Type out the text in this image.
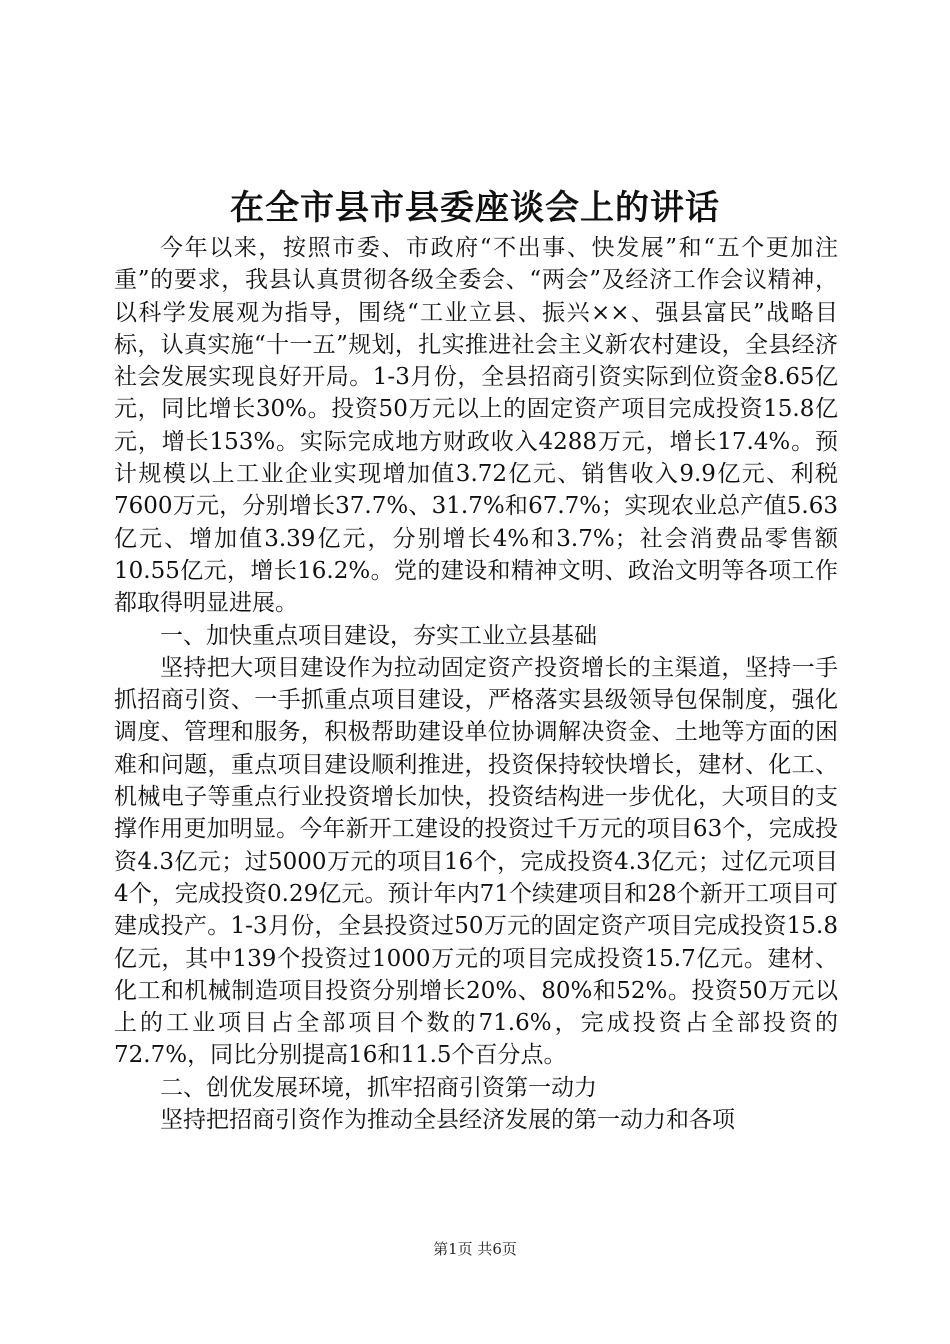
在全市县市县委座谈会上的讲话

今年以来，按照市委、市政府“不出事、快发展”和“五个更加注重”的要求，我县认真贯彻各级全委会、“两会”及经济工作会议精神，以科学发展观为指导，围绕“工业立县、振兴××、强县富民”战略目标，认真实施“十一五”规划，扎实推进社会主义新农村建设，全县经济社会发展实现良好开局。1-3月份，全县招商引资实际到位资金8.65亿元，同比增长30%。投资50万元以上的固定资产项目完成投资15.8亿元，增长153%。实际完成地方财政收入4288万元，增长17.4%。预计规模以上工业企业实现增加值3.72亿元、销售收入9.9亿元、利税7600万元，分别增长37.7%、31.7%和67.7%；实现农业总产值5.63亿元、增加值3.39亿元，分别增长4%和3.7%；社会消费品零售额10.55亿元，增长16.2%。党的建设和精神文明、政治文明等各项工作都取得明显进展。

一、加快重点项目建设，夯实工业立县基础

坚持把大项目建设作为拉动固定资产投资增长的主渠道，坚持一手抓招商引资、一手抓重点项目建设，严格落实县级领导包保制度，强化调度、管理和服务，积极帮助建设单位协调解决资金、土地等方面的困难和问题，重点项目建设顺利推进，投资保持较快增长，建材、化工、机械电子等重点行业投资增长加快，投资结构进一步优化，大项目的支撑作用更加明显。今年新开工建设的投资过千万元的项目63个，完成投资4.3亿元；过5000万元的项目16个，完成投资4.3亿元；过亿元项目4个，完成投资0.29亿元。预计年内71个续建项目和28个新开工项目可建成投产。1-3月份，全县投资过50万元的固定资产项目完成投资15.8亿元，其中139个投资过1000万元的项目完成投资15.7亿元。建材、化工和机械制造项目投资分别增长20%、80%和52%。投资50万元以上的工业项目占全部项目个数的71.6%，完成投资占全部投资的72.7%，同比分别提高16和11.5个百分点。

二、创优发展环境，抓牢招商引资第一动力

坚持把招商引资作为推动全县经济发展的第一动力和各项

第1页 共6页
